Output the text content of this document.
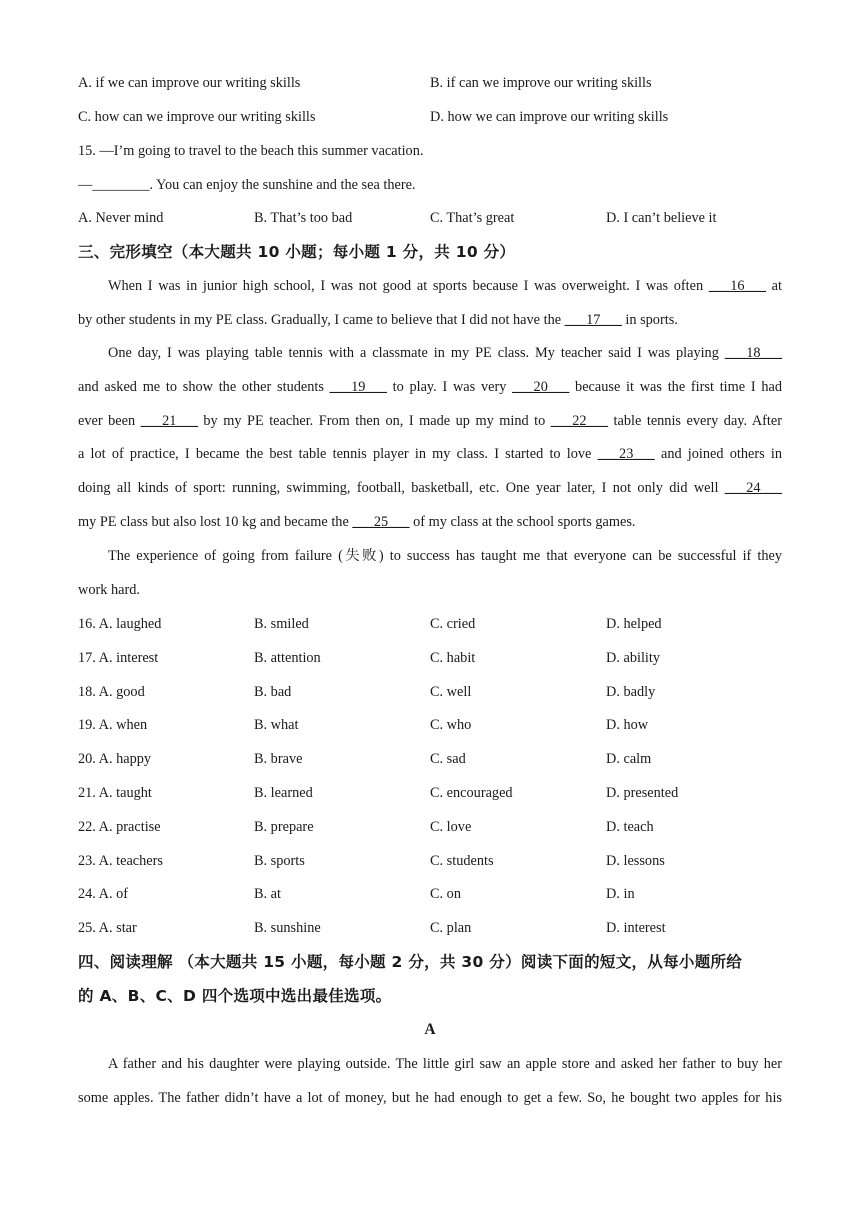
A. if we can improve our writing skills	B. if can we improve our writing skills
C. how can we improve our writing skills	D. how we can improve our writing skills
15. —I’m going to travel to the beach this summer vacation.
—________. You can enjoy the sunshine and the sea there.
A. Never mind	B. That’s too bad	C. That’s great	D. I can’t believe it
三、完形填空（本大题共 10 小题；每小题 1 分，共 10 分）
When I was in junior high school, I was not good at sports because I was overweight. I was often ___16___ at
by other students in my PE class. Gradually, I came to believe that I did not have the ___17___ in sports.
One day, I was playing table tennis with a classmate in my PE class. My teacher said I was playing ___18___
and asked me to show the other students ___19___ to play. I was very ___20___ because it was the first time I had
ever been ___21___ by my PE teacher. From then on, I made up my mind to ___22___ table tennis every day. After
a lot of practice, I became the best table tennis player in my class. I started to love ___23___ and joined others in
doing all kinds of sport: running, swimming, football, basketball, etc. One year later, I not only did well ___24___
my PE class but also lost 10 kg and became the ___25___ of my class at the school sports games.
The experience of going from failure (失败) to success has taught me that everyone can be successful if they
work hard.
16. A. laughed	B. smiled	C. cried	D. helped
17. A. interest	B. attention	C. habit	D. ability
18. A. good	B. bad	C. well	D. badly
19. A. when	B. what	C. who	D. how
20. A. happy	B. brave	C. sad	D. calm
21. A. taught	B. learned	C. encouraged	D. presented
22. A. practise	B. prepare	C. love	D. teach
23. A. teachers	B. sports	C. students	D. lessons
24. A. of	B. at	C. on	D. in
25. A. star	B. sunshine	C. plan	D. interest
四、阅读理解 （本大题共 15 小题，每小题 2 分，共 30 分）阅读下面的短文，从每小题所给
的 A、B、C、D 四个选项中选出最佳选项。
A
A father and his daughter were playing outside. The little girl saw an apple store and asked her father to buy her
some apples. The father didn’t have a lot of money, but he had enough to get a few. So, he bought two apples for his
